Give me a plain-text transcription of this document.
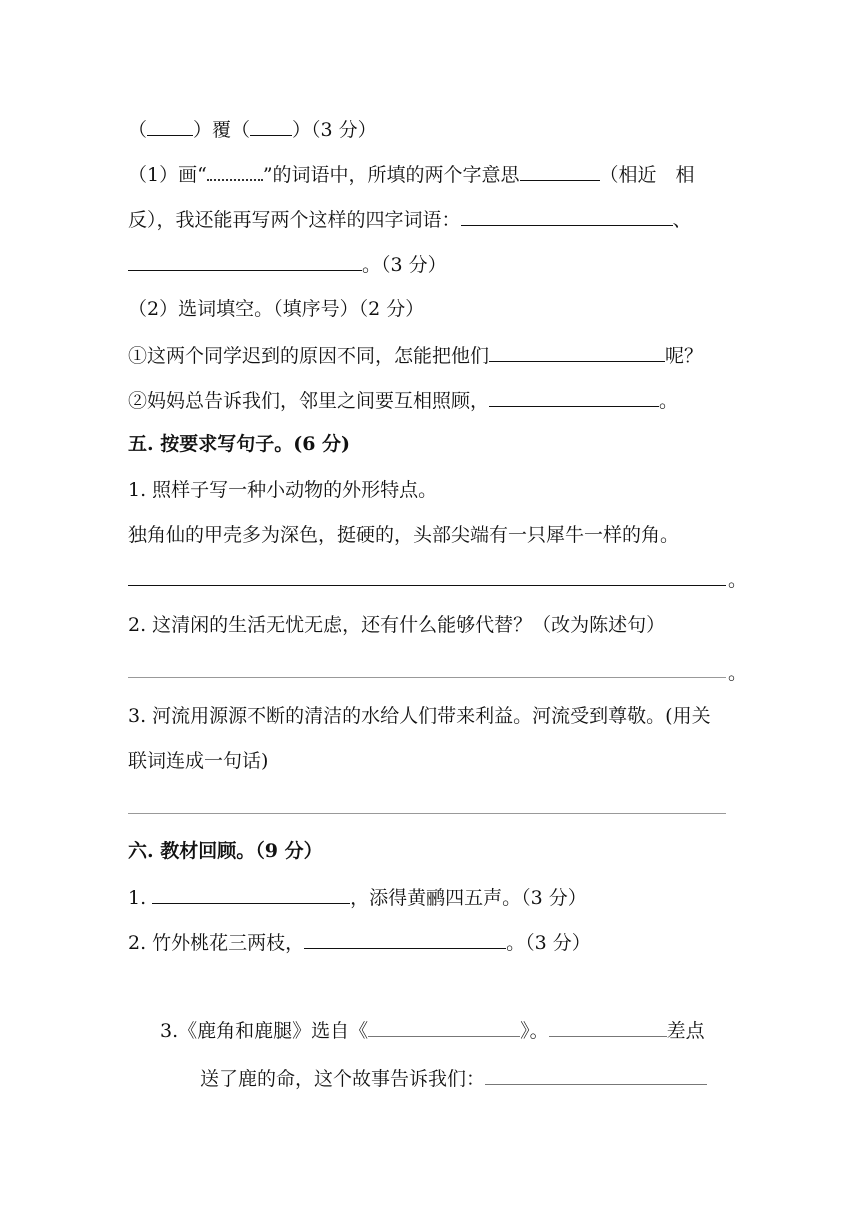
（ ）覆（ ）（3 分）
（1）画“	”的词语中，所填的两个字意思	（相近　相
反），我还能再写两个这样的四字词语：	、
。（3 分）
（2）选词填空。（填序号）（2 分）
①这两个同学迟到的原因不同，怎能把他们	呢？
②妈妈总告诉我们，邻里之间要互相照顾，	。
五. 按要求写句子。(6 分)
1. 照样子写一种小动物的外形特点。
独角仙的甲壳多为深色，挺硬的，头部尖端有一只犀牛一样的角。
。
2. 这清闲的生活无忧无虑，还有什么能够代替？（改为陈述句）
。
3. 河流用源源不断的清洁的水给人们带来利益。河流受到尊敬。(用关
联词连成一句话)
六. 教材回顾。（9 分）
1.	，添得黄鹂四五声。（3 分）
2. 竹外桃花三两枝，	。（3 分）
3.《鹿角和鹿腿》选自《	》。	差点
送了鹿的命，这个故事告诉我们：
